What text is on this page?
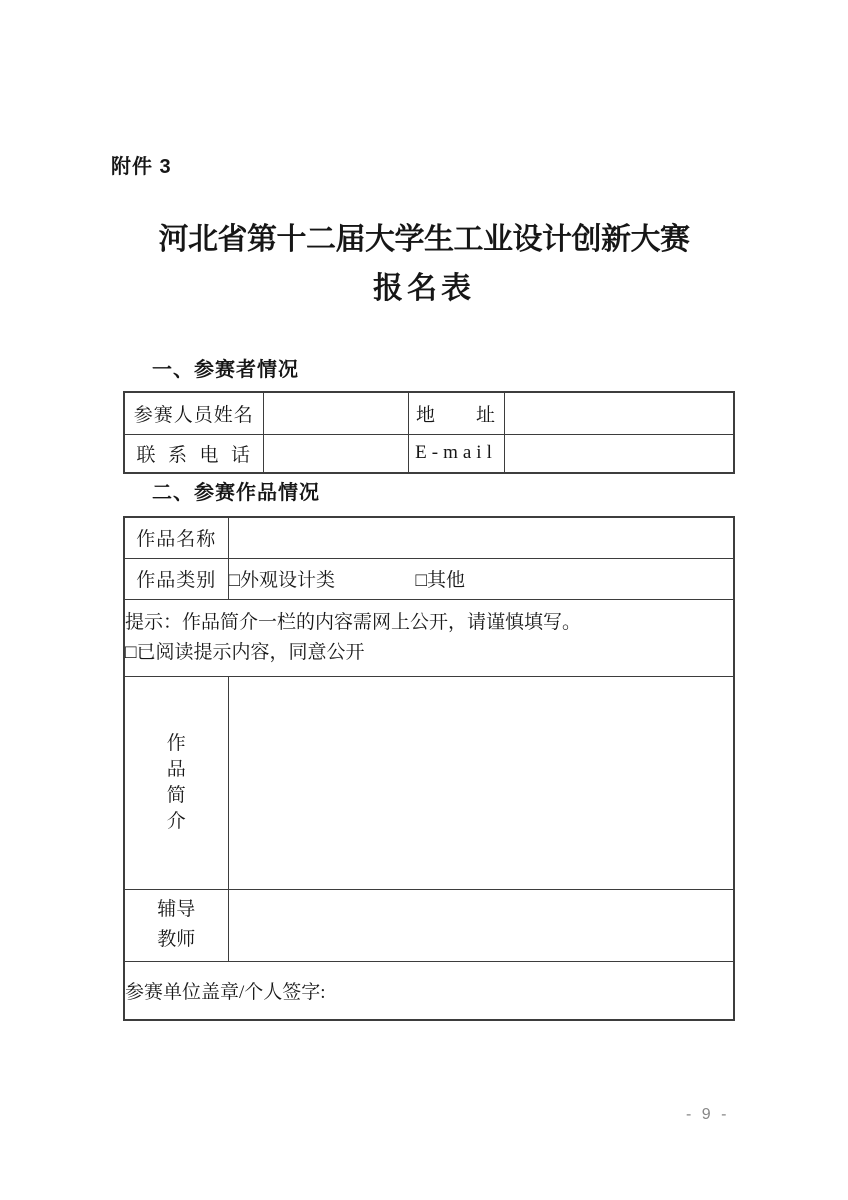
附件 3
河北省第十二届大学生工业设计创新大赛
报名表
一、参赛者情况
参赛人员姓名		地　　址	
联  系  电  话		E-mail	
二、参赛作品情况
作品名称	
作品类别	□外观设计类 □其他

提示：作品简介一栏的内容需网上公开，请谨慎填写。
□已阅读提示内容，同意公开	

作
品
简
介	

辅导
教师	

参赛单位盖章/个人签字:	
- 9 -
